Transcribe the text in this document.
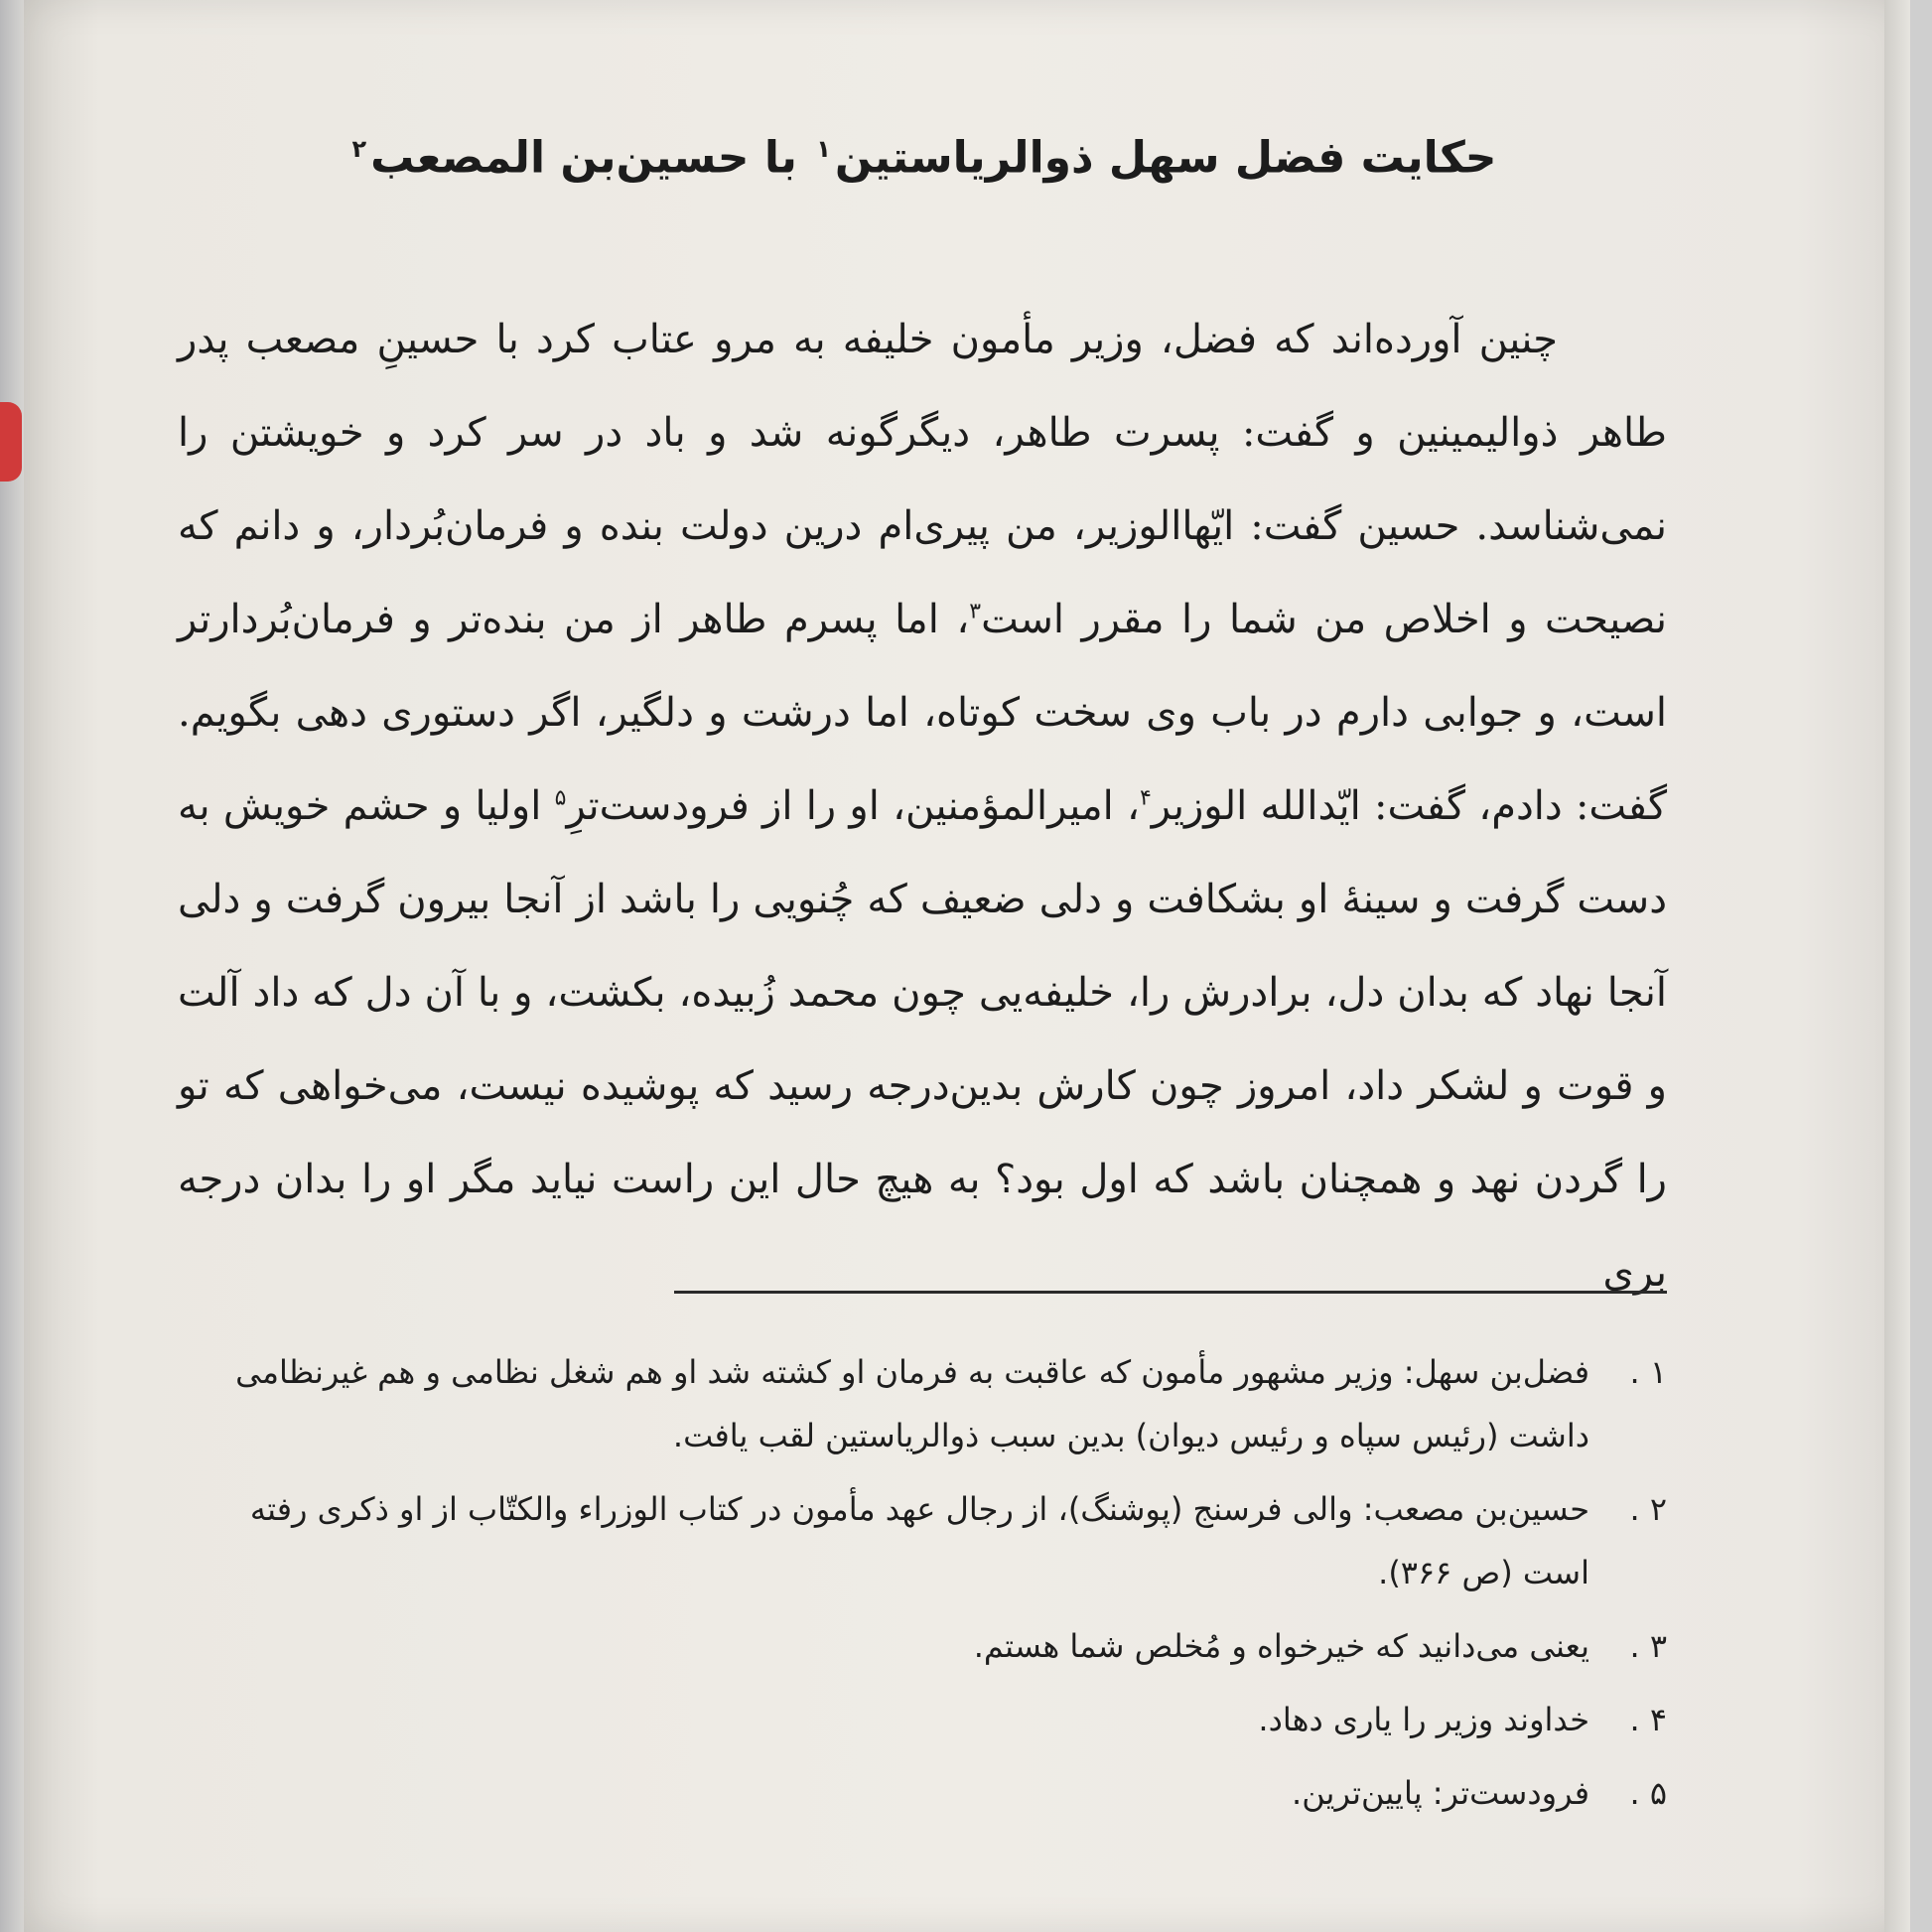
حکایت فضل سهل ذوالریاستین$^۱$ با حسین‌بن المصعب$^۲$

چنین آورده‌اند که فضل، وزیر مأمون خلیفه به مرو عتاب کرد با حسینِ مصعب پدر طاهر ذوالیمینین و گفت: پسرت طاهر، دیگرگونه شد و باد در سر کرد و خویشتن را نمی‌شناسد. حسین گفت: ایّهاالوزیر، من پیری‌ام درین دولت بنده و فرمان‌بُردار، و دانم که نصیحت و اخلاص من شما را مقرر است$^۳$، اما پسرم طاهر از من بنده‌تر و فرمان‌بُردارتر است، و جوابی دارم در باب وی سخت کوتاه، اما درشت و دلگیر، اگر دستوری دهی بگویم. گفت: دادم، گفت: ایّدالله الوزیر$^۴$، امیرالمؤمنین، او را از فرودست‌ترِ$^۵$ اولیا و حشم خویش به دست گرفت و سینهٔ او بشکافت و دلی ضعیف که چُنویی را باشد از آنجا بیرون گرفت و دلی آنجا نهاد که بدان دل، برادرش را، خلیفه‌یی چون محمد زُبیده، بکشت، و با آن دل که داد آلت و قوت و لشکر داد، امروز چون کارش بدین‌درجه رسید که پوشیده نیست، می‌خواهی که تو را گردن نهد و همچنان باشد که اول بود؟ به هیچ حال این راست نیاید مگر او را بدان درجه بری

۱ .
فضل‌بن سهل: وزیر مشهور مأمون که عاقبت به فرمان او کشته شد او هم شغل نظامی و هم غیرنظامی داشت (رئیس سپاه و رئیس دیوان) بدین سبب ذوالریاستین لقب یافت.
۲ .
حسین‌بن مصعب: والی فرسنج (پوشنگ)، از رجال عهد مأمون در کتاب الوزراء والکتّاب از او ذکری رفته است (ص ۳۶۶).
۳ .
یعنی می‌دانید که خیرخواه و مُخلص شما هستم.
۴ .
خداوند وزیر را یاری دهاد.
۵ .
فرودست‌تر: پایین‌ترین.
